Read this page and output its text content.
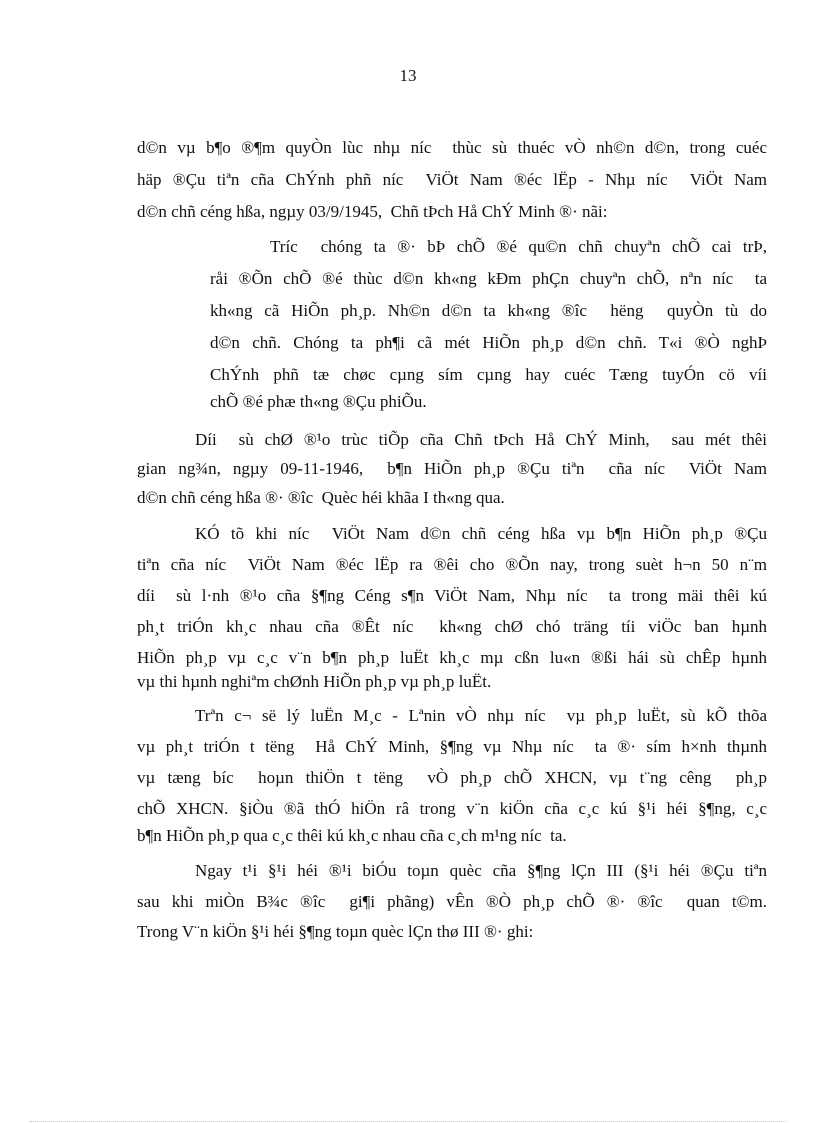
13
d©n vµ b¶o ®¶m quyÒn lùc nhµ níc  thùc sù thuéc vÒ nh©n d©n, trong cuéc
häp ®Çu tiªn cña ChÝnh phñ níc  ViÖt Nam ®éc lËp - Nhµ níc  ViÖt Nam
d©n chñ céng hßa, ngµy 03/9/1945,  Chñ tÞch Hå ChÝ Minh ®· nãi:
Tríc  chóng ta ®· bÞ chÕ ®é qu©n chñ chuyªn chÕ cai trÞ,
råi ®Õn chÕ ®é thùc d©n kh«ng kÐm phÇn chuyªn chÕ, nªn níc  ta
kh«ng cã HiÕn ph¸p. Nh©n d©n ta kh«ng ®îc  hëng  quyÒn tù do
d©n chñ. Chóng ta ph¶i cã mét HiÕn ph¸p d©n chñ. T«i ®Ò nghÞ
ChÝnh phñ tæ chøc cµng sím cµng hay cuéc Tæng tuyÓn cö víi
chÕ ®é phæ th«ng ®Çu phiÕu.
Díi  sù chØ ®¹o trùc tiÕp cña Chñ tÞch Hå ChÝ Minh,  sau mét thêi
gian ng¾n, ngµy 09-11-1946,  b¶n HiÕn ph¸p ®Çu tiªn  cña níc  ViÖt Nam
d©n chñ céng hßa ®· ®îc  Quèc héi khãa I th«ng qua.
KÓ tõ khi níc  ViÖt Nam d©n chñ céng hßa vµ b¶n HiÕn ph¸p ®Çu
tiªn cña níc  ViÖt Nam ®éc lËp ra ®êi cho ®Õn nay, trong suèt h¬n 50 n¨m
díi  sù l·nh ®¹o cña §¶ng Céng s¶n ViÖt Nam, Nhµ níc  ta trong mäi thêi kú
ph¸t triÓn kh¸c nhau cña ®Êt níc  kh«ng chØ chó träng tíi viÖc ban hµnh
HiÕn ph¸p vµ c¸c v¨n b¶n ph¸p luËt kh¸c mµ cßn lu«n ®ßi hái sù chÊp hµnh
vµ thi hµnh nghiªm chØnh HiÕn ph¸p vµ ph¸p luËt.
Trªn c¬ së lý luËn M¸c - Lªnin vÒ nhµ níc  vµ ph¸p luËt, sù kÕ thõa
vµ ph¸t triÓn t tëng  Hå ChÝ Minh, §¶ng vµ Nhµ níc  ta ®· sím h×nh thµnh
vµ tæng bíc  hoµn thiÖn t tëng  vÒ ph¸p chÕ XHCN, vµ t¨ng cêng  ph¸p
chÕ XHCN. §iÒu ®ã thÓ hiÖn râ trong v¨n kiÖn cña c¸c kú §¹i héi §¶ng, c¸c
b¶n HiÕn ph¸p qua c¸c thêi kú kh¸c nhau cña c¸ch m¹ng níc  ta.
Ngay t¹i §¹i héi ®¹i biÓu toµn quèc cña §¶ng lÇn III (§¹i héi ®Çu tiªn
sau khi miÒn B¾c ®îc  gi¶i phãng) vÊn ®Ò ph¸p chÕ ®· ®îc  quan t©m.
Trong V¨n kiÖn §¹i héi §¶ng toµn quèc lÇn thø III ®· ghi:
